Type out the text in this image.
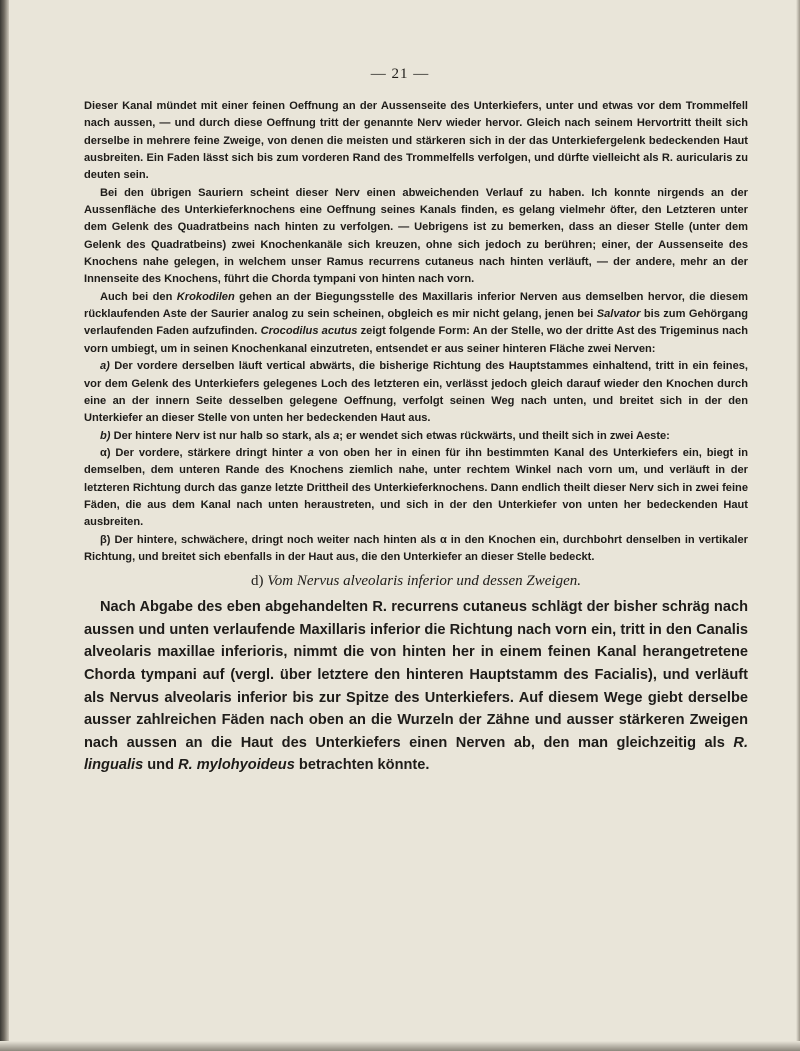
— 21 —

Dieser Kanal mündet mit einer feinen Oeffnung an der Aussenseite des Unterkiefers, unter und etwas vor dem Trommelfell nach aussen, — und durch diese Oeffnung tritt der genannte Nerv wieder hervor. Gleich nach seinem Hervortritt theilt sich derselbe in mehrere feine Zweige, von denen die meisten und stärkeren sich in der das Unterkiefergelenk bedeckenden Haut ausbreiten. Ein Faden lässt sich bis zum vorderen Rand des Trommelfells verfolgen, und dürfte vielleicht als R. auricularis zu deuten sein.

Bei den übrigen Sauriern scheint dieser Nerv einen abweichenden Verlauf zu haben. Ich konnte nirgends an der Aussenfläche des Unterkieferknochens eine Oeffnung seines Kanals finden, es gelang vielmehr öfter, den Letzteren unter dem Gelenk des Quadratbeins nach hinten zu verfolgen. — Uebrigens ist zu bemerken, dass an dieser Stelle (unter dem Gelenk des Quadratbeins) zwei Knochenkanäle sich kreuzen, ohne sich jedoch zu berühren; einer, der Aussenseite des Knochens nahe gelegen, in welchem unser Ramus recurrens cutaneus nach hinten verläuft, — der andere, mehr an der Innenseite des Knochens, führt die Chorda tympani von hinten nach vorn.

Auch bei den Krokodilen gehen an der Biegungsstelle des Maxillaris inferior Nerven aus demselben hervor, die diesem rücklaufenden Aste der Saurier analog zu sein scheinen, obgleich es mir nicht gelang, jenen bei Salvator bis zum Gehörgang verlaufenden Faden aufzufinden. Crocodilus acutus zeigt folgende Form: An der Stelle, wo der dritte Ast des Trigeminus nach vorn umbiegt, um in seinen Knochenkanal einzutreten, entsendet er aus seiner hinteren Fläche zwei Nerven:

a) Der vordere derselben läuft vertical abwärts, die bisherige Richtung des Hauptstammes einhaltend, tritt in ein feines, vor dem Gelenk des Unterkiefers gelegenes Loch des letzteren ein, verlässt jedoch gleich darauf wieder den Knochen durch eine an der innern Seite desselben gelegene Oeffnung, verfolgt seinen Weg nach unten, und breitet sich in der den Unterkiefer an dieser Stelle von unten her bedeckenden Haut aus.

b) Der hintere Nerv ist nur halb so stark, als a; er wendet sich etwas rückwärts, und theilt sich in zwei Aeste:

α) Der vordere, stärkere dringt hinter a von oben her in einen für ihn bestimmten Kanal des Unterkiefers ein, biegt in demselben, dem unteren Rande des Knochens ziemlich nahe, unter rechtem Winkel nach vorn um, und verläuft in der letzteren Richtung durch das ganze letzte Drittheil des Unterkieferknochens. Dann endlich theilt dieser Nerv sich in zwei feine Fäden, die aus dem Kanal nach unten heraustreten, und sich in der den Unterkiefer von unten her bedeckenden Haut ausbreiten.

β) Der hintere, schwächere, dringt noch weiter nach hinten als α in den Knochen ein, durchbohrt denselben in vertikaler Richtung, und breitet sich ebenfalls in der Haut aus, die den Unterkiefer an dieser Stelle bedeckt.

d) Vom Nervus alveolaris inferior und dessen Zweigen.

Nach Abgabe des eben abgehandelten R. recurrens cutaneus schlägt der bisher schräg nach aussen und unten verlaufende Maxillaris inferior die Richtung nach vorn ein, tritt in den Canalis alveolaris maxillae inferioris, nimmt die von hinten her in einem feinen Kanal herangetretene Chorda tympani auf (vergl. über letztere den hinteren Hauptstamm des Facialis), und verläuft als Nervus alveolaris inferior bis zur Spitze des Unterkiefers. Auf diesem Wege giebt derselbe ausser zahlreichen Fäden nach oben an die Wurzeln der Zähne und ausser stärkeren Zweigen nach aussen an die Haut des Unterkiefers einen Nerven ab, den man gleichzeitig als R. lingualis und R. mylohyoideus betrachten könnte.
